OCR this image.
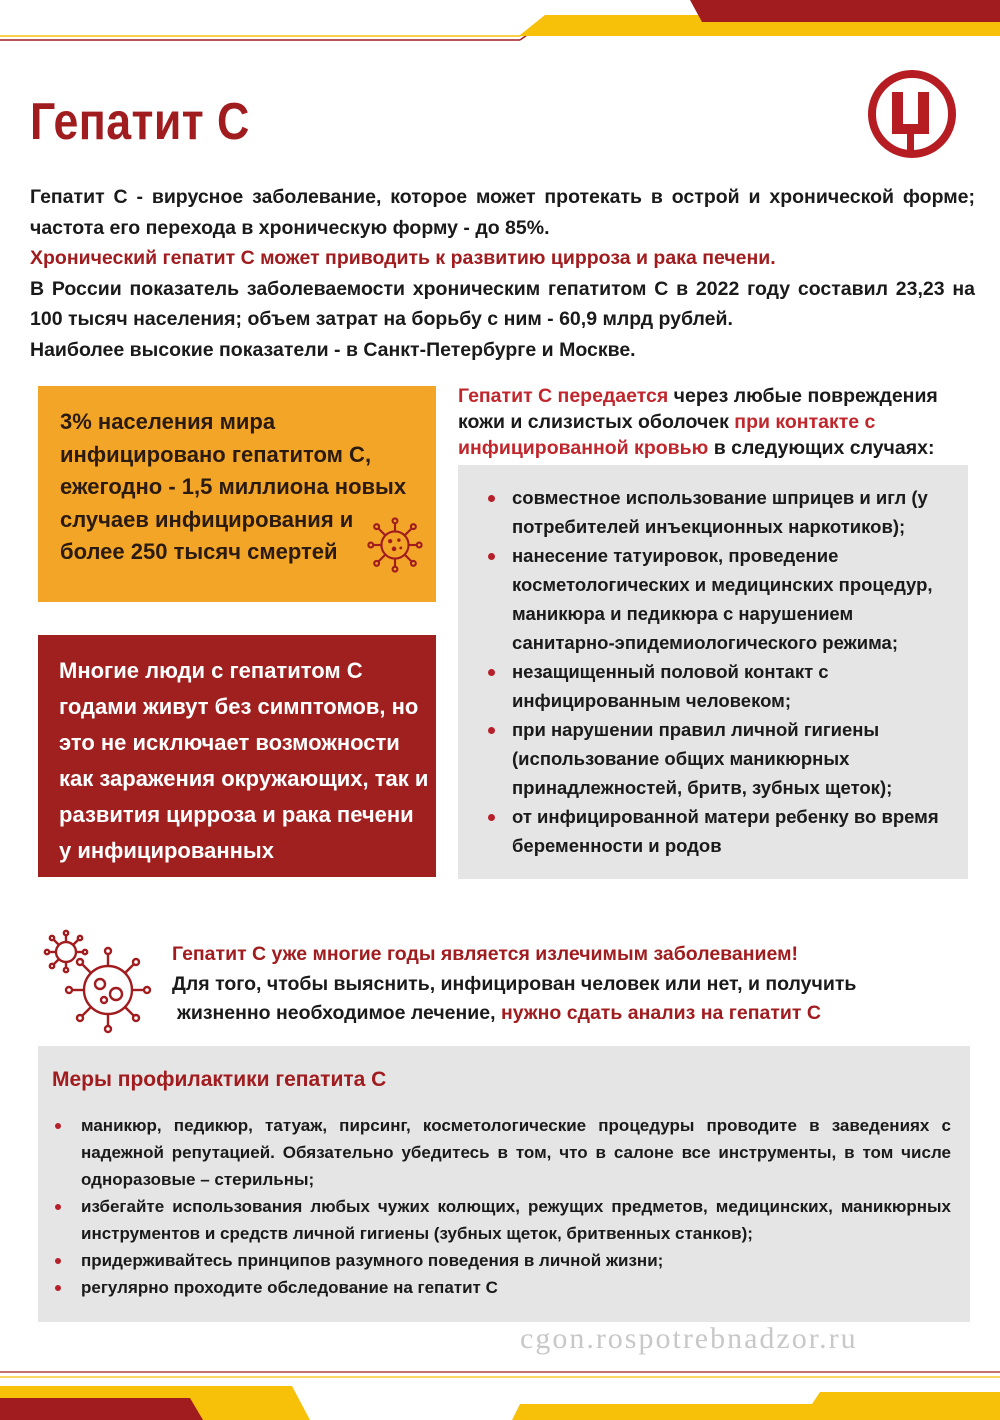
Гепатит С

Гепатит С - вирусное заболевание, которое может протекать в острой и хронической форме; частота его перехода в хроническую форму - до 85%.

Хронический гепатит С может приводить к развитию цирроза и рака печени.

В России показатель заболеваемости хроническим гепатитом С в 2022 году составил 23,23 на 100 тысяч населения; объем затрат на борьбу с ним - 60,9 млрд рублей.

Наиболее высокие показатели - в Санкт-Петербурге и Москве.

3% населения мира инфицировано гепатитом С, ежегодно - 1,5 миллиона новых случаев инфицирования и более 250 тысяч смертей
Многие люди с гепатитом С годами живут без симптомов, но это не исключает возможности как заражения окружающих, так и развития цирроза и рака печени у инфицированных
Гепатит С передается через любые повреждения кожи и слизистых оболочек при контакте с инфицированной кровью в следующих случаях:
совместное использование шприцев и игл (у потребителей инъекционных наркотиков);
нанесение татуировок, проведение косметологических и медицинских процедур, маникюра и педикюра с нарушением санитарно-эпидемиологического режима;
незащищенный половой контакт с инфицированным человеком;
при нарушении правил личной гигиены (использование общих маникюрных принадлежностей, бритв, зубных щеток);
от инфицированной матери ребенку во время беременности и родов
Гепатит С уже многие годы является излечимым заболеванием!
Для того, чтобы выяснить, инфицирован человек или нет, и получить
жизненно необходимое лечение, нужно сдать анализ на гепатит С
Меры профилактики гепатита С
маникюр, педикюр, татуаж, пирсинг, косметологические процедуры проводите в заведениях с надежной репутацией. Обязательно убедитесь в том, что в салоне все инструменты, в том числе одноразовые – стерильны;
избегайте использования любых чужих колющих, режущих предметов, медицинских, маникюрных инструментов и средств личной гигиены (зубных щеток, бритвенных станков);
придерживайтесь принципов разумного поведения в личной жизни;
регулярно проходите обследование на гепатит С
cgon.rospotrebnadzor.ru
